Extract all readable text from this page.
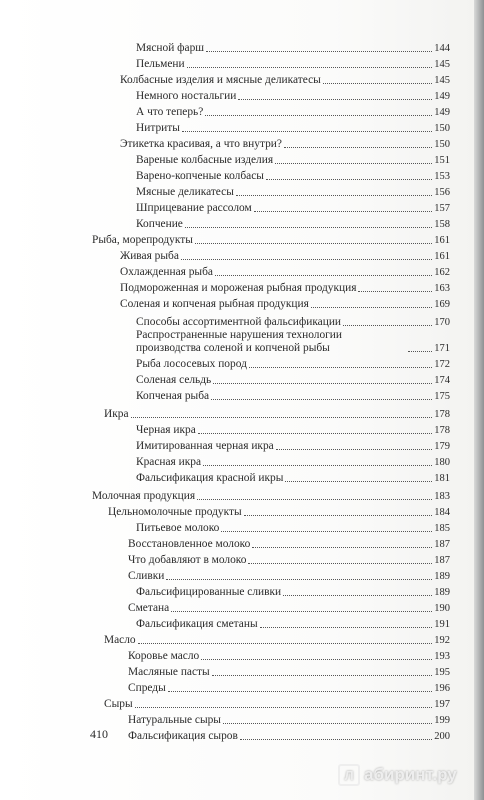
Мясной фарш	144
Пельмени	145
Колбасные изделия и мясные деликатесы	145
Немного ностальгии	149
А что теперь?	149
Нитриты	150
Этикетка красивая, а что внутри?	150
Вареные колбасные изделия	151
Варено-копченые колбасы	153
Мясные деликатесы	156
Шприцевание рассолом	157
Копчение	158
Рыба, морепродукты	161
Живая рыба	161
Охлажденная рыба	162
Подмороженная и мороженая рыбная продукция	163
Соленая и копченая рыбная продукция	169
Способы ассортиментной фальсификации	170
Распространенные нарушения технологии производства соленой и копченой рыбы	171
Рыба лососевых пород	172
Соленая сельдь	174
Копченая рыба	175
Икра	178
Черная икра	178
Имитированная черная икра	179
Красная икра	180
Фальсификация красной икры	181
Молочная продукция	183
Цельномолочные продукты	184
Питьевое молоко	185
Восстановленное молоко	187
Что добавляют в молоко	187
Сливки	189
Фальсифицированные сливки	189
Сметана	190
Фальсификация сметаны	191
Масло	192
Коровье масло	193
Масляные пасты	195
Спреды	196
Сыры	197
Натуральные сыры	199
Фальсификация сыров	200
410
Л абиринт.ру
